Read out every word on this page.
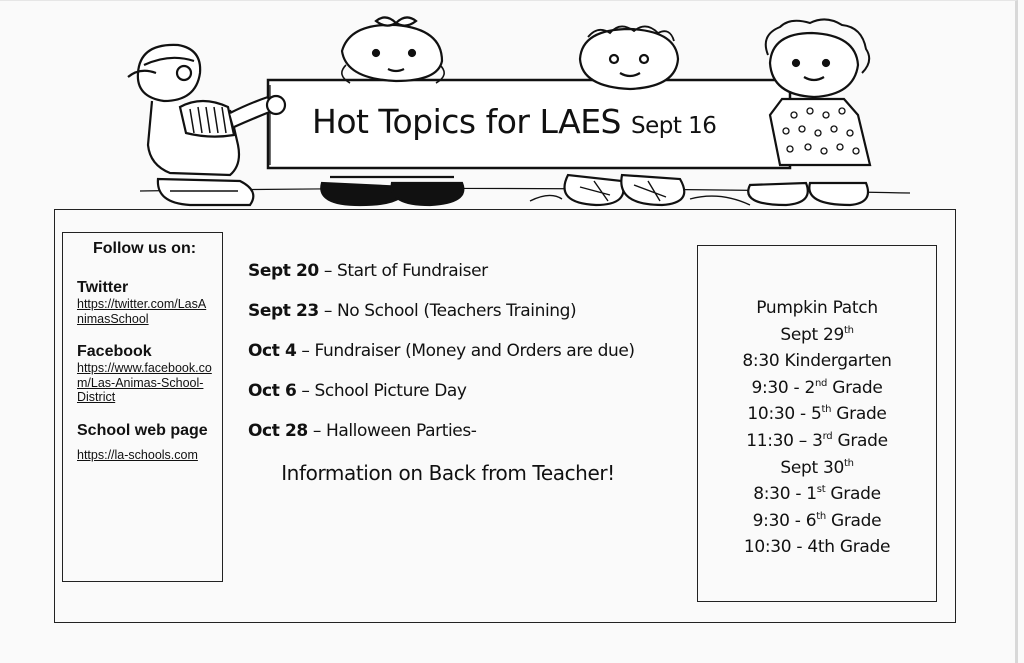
Hot Topics for LAES Sept 16
Follow us on:
Twitter
https://twitter.com/LasAnimasSchool
Facebook
https://www.facebook.com/Las-Animas-School-District
School web page
https://la-schools.com
Sept 20 – Start of Fundraiser
Sept 23 – No School (Teachers Training)
Oct 4 – Fundraiser (Money and Orders are due)
Oct 6 – School Picture Day
Oct 28 – Halloween Parties-
Information on Back from Teacher!
Pumpkin Patch
Sept 29th
8:30 Kindergarten
9:30 - 2nd Grade
10:30 - 5th Grade
11:30 – 3rd Grade
Sept 30th
8:30 - 1st Grade
9:30 - 6th Grade
10:30 - 4th Grade
